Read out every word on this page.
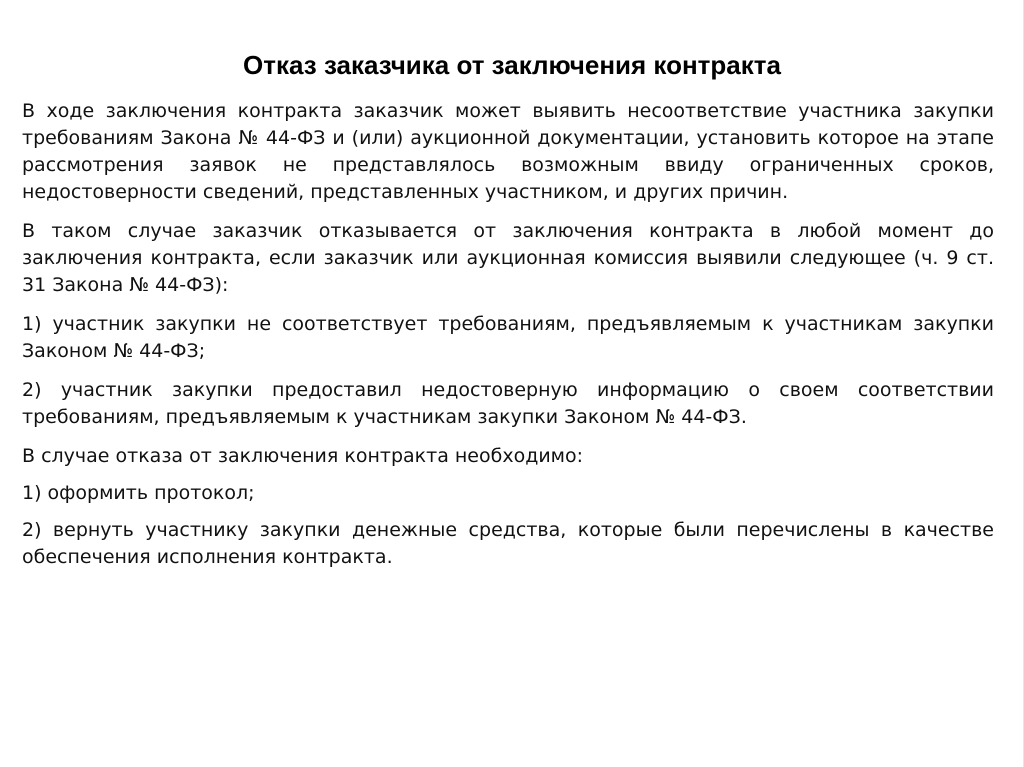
Отказ заказчика от заключения контракта

В ходе заключения контракта заказчик может выявить несоответствие участника закупки требованиям Закона № 44-ФЗ и (или) аукционной документации, установить которое на этапе рассмотрения заявок не представлялось возможным ввиду ограниченных сроков, недостоверности сведений, представленных участником, и других причин.

В таком случае заказчик отказывается от заключения контракта в любой момент до заключения контракта, если заказчик или аукционная комиссия выявили следующее (ч. 9 ст. 31 Закона № 44-ФЗ):

1) участник закупки не соответствует требованиям, предъявляемым к участникам закупки Законом № 44-ФЗ;

2) участник закупки предоставил недостоверную информацию о своем соответствии требованиям, предъявляемым к участникам закупки Законом № 44-ФЗ.

В случае отказа от заключения контракта необходимо:

1) оформить протокол;

2) вернуть участнику закупки денежные средства, которые были перечислены в качестве обеспечения исполнения контракта.
